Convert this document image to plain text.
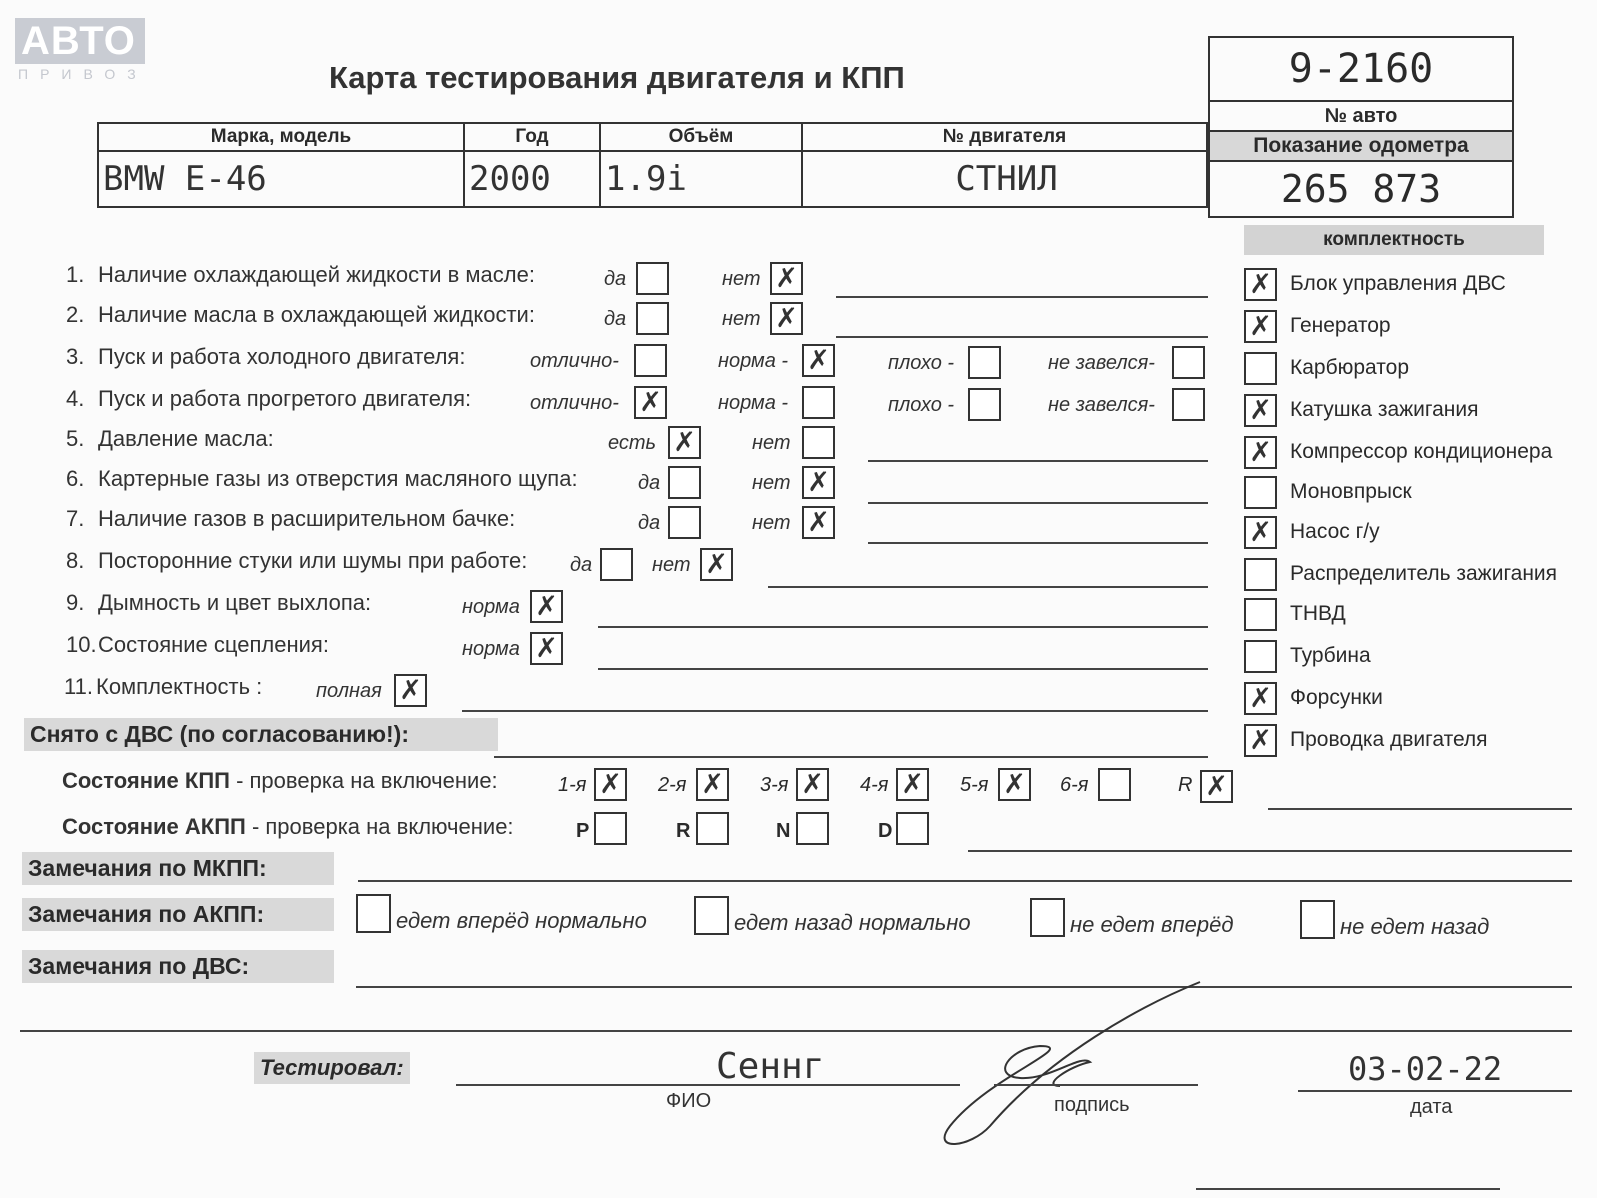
АВТО
ПРИВОЗ	Карта тестирования двигателя и КПП
Марка, модель	Год	Объём	№ двигателя
BMW E-46	2000	1.9i	СТНИЛ
9-2160
№ авто
Показание одометра
265 873
комплектность
✗ Блок управления ДВС
✗ Генератор
Карбюратор
✗ Катушка зажигания
✗ Компрессор кондиционера
Моновпрыск
✗ Насос г/у
Распределитель зажигания
ТНВД
Турбина
✗ Форсунки
✗ Проводка двигателя
1. Наличие охлаждающей жидкости в масле:	да	нет ✗
2. Наличие масла в охлаждающей жидкости:	да	нет ✗
3. Пуск и работа холодного двигателя:	отлично-	норма - ✗	плохо -	не завелся-
4. Пуск и работа прогретого двигателя:	отлично- ✗	норма -	плохо -	не завелся-
5. Давление масла:	есть ✗	нет
6. Картерные газы из отверстия масляного щупа:	да	нет ✗
7. Наличие газов в расширительном бачке:	да	нет ✗
8. Посторонние стуки или шумы при работе: да	нет ✗
9. Дымность и цвет выхлопа:	норма ✗
10.Состояние сцепления:	норма ✗
11. Комплектность :	полная ✗
Снято с ДВС (по согласованию!):
Состояние КПП - проверка на включение:	1-я ✗ 2-я ✗ 3-я ✗ 4-я ✗ 5-я ✗ 6-я	R ✗
Состояние АКПП - проверка на включение:	P	R	N	D
Замечания по МКПП:
Замечания по АКПП:	едет вперёд нормально	едет назад нормально	не едет вперёд	не едет назад
Замечания по ДВС:
Тестировал:	Сеннг
ФИО	подпись
03-02-22
дата
